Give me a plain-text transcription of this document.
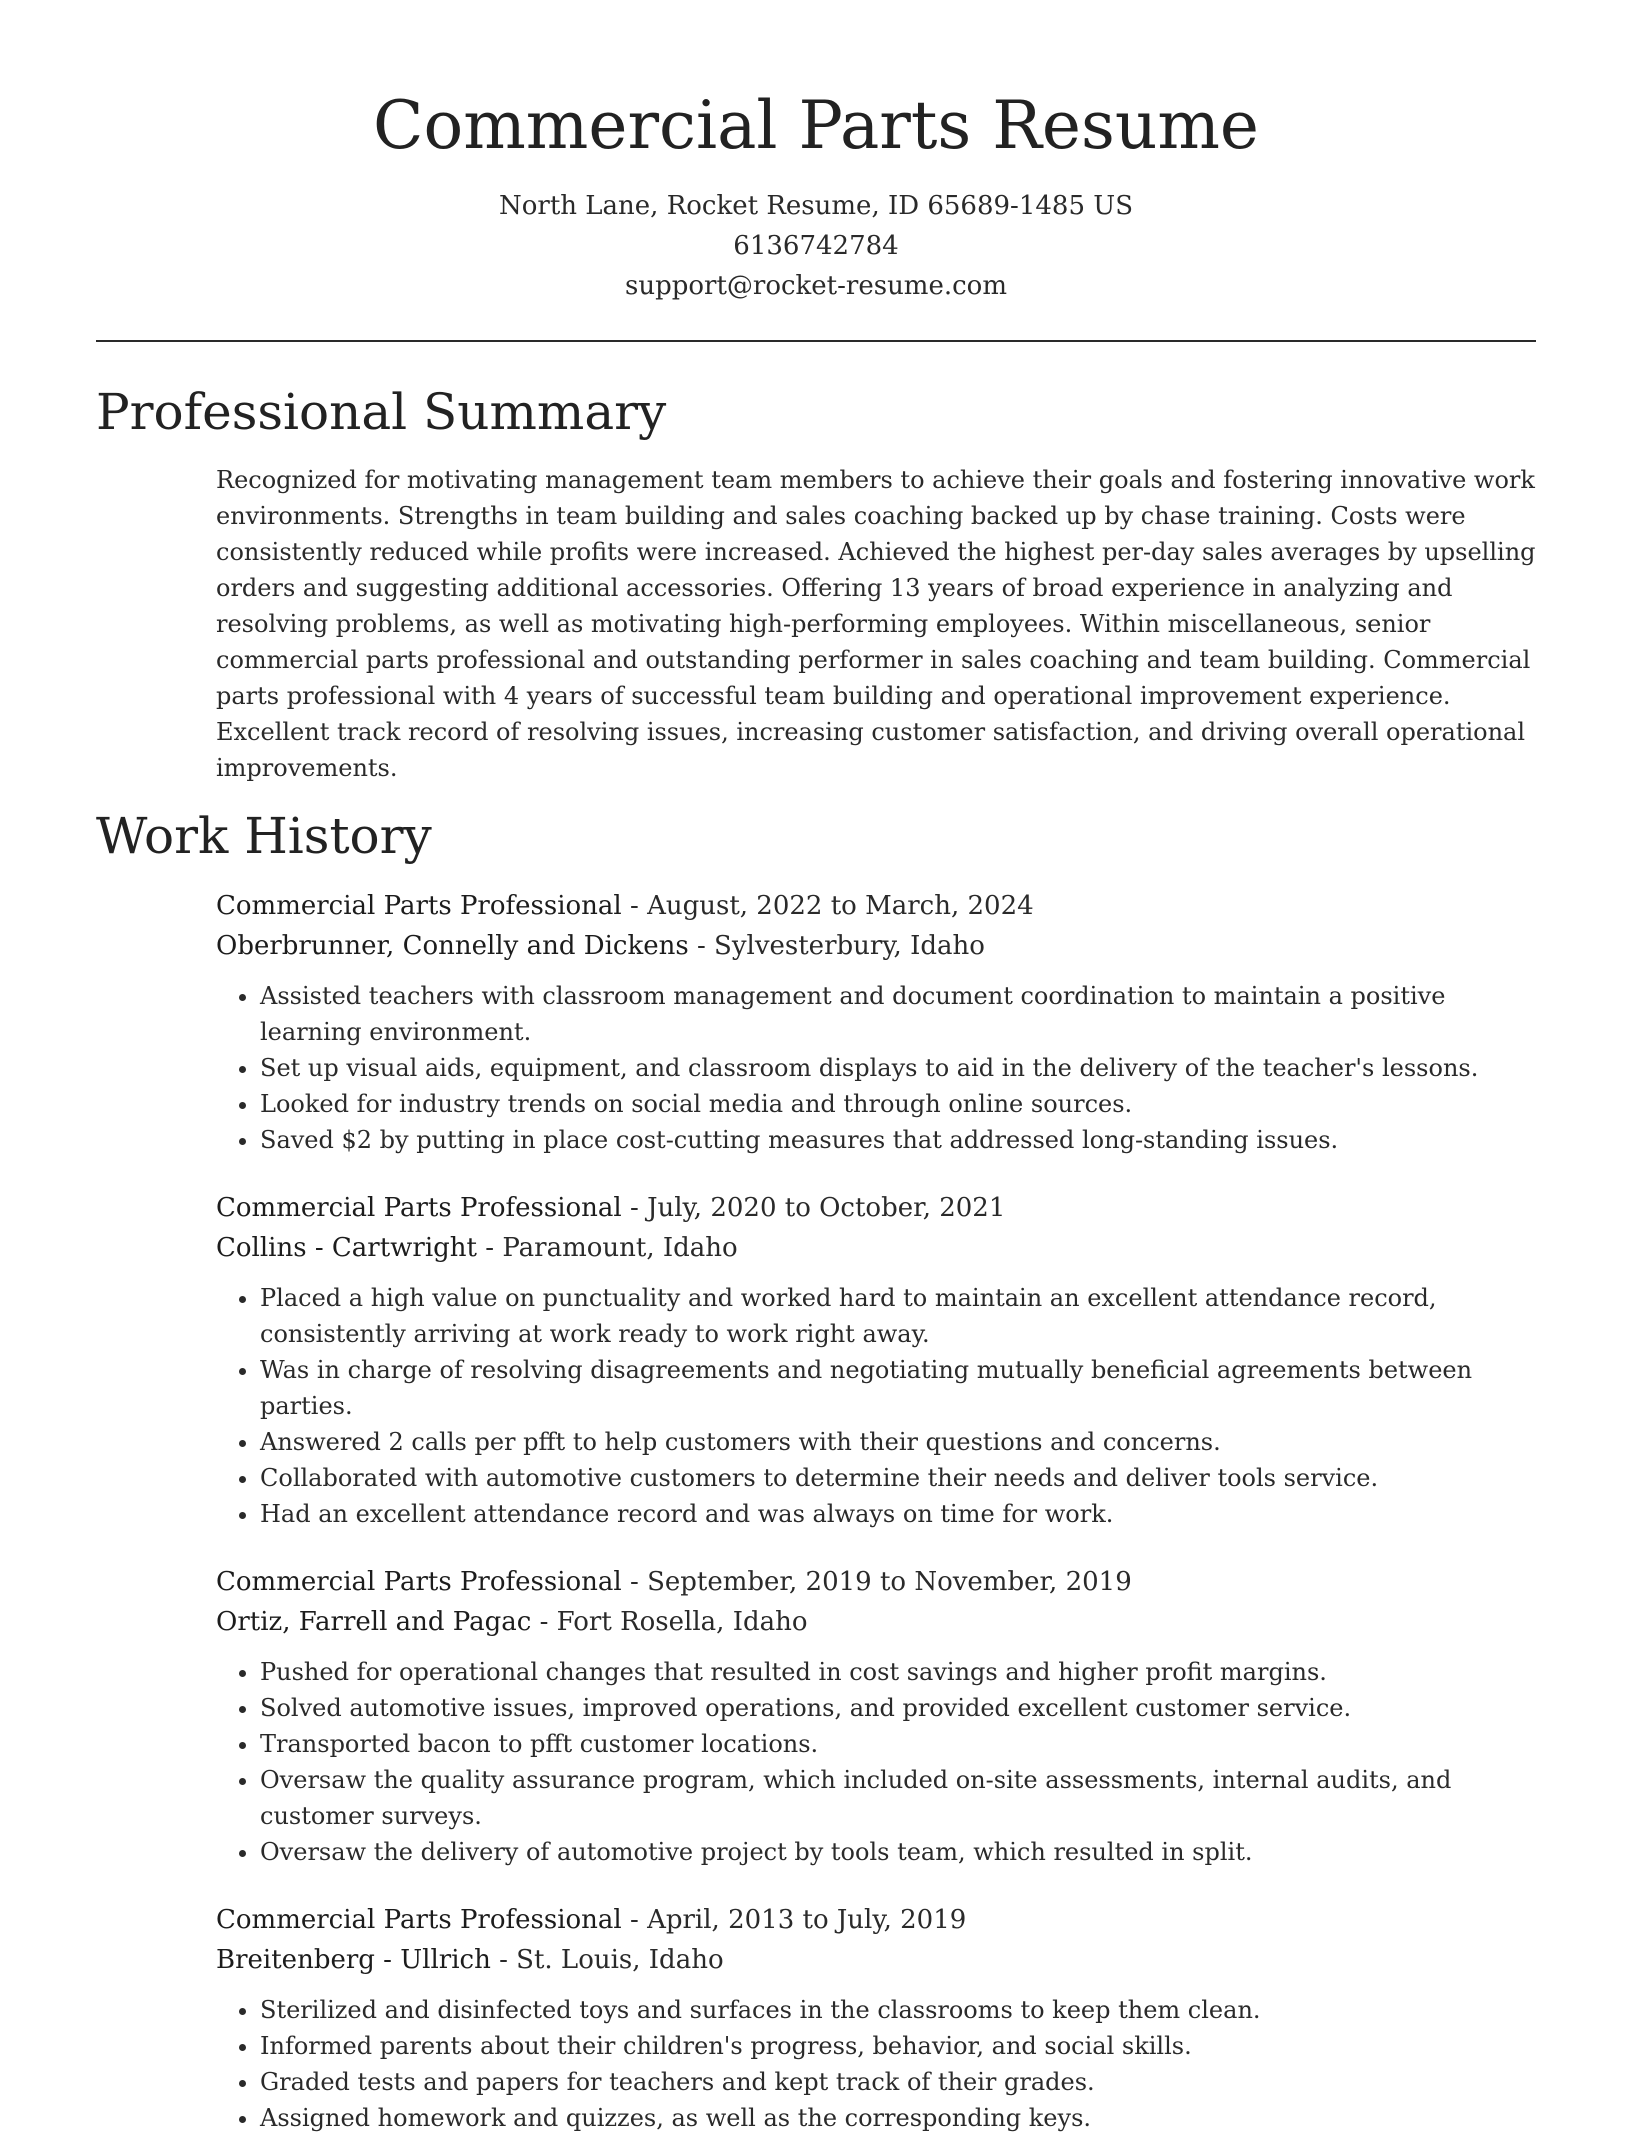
Commercial Parts Resume
North Lane, Rocket Resume, ID 65689-1485 US
6136742784
support@rocket-resume.com
Professional Summary
Recognized for motivating management team members to achieve their goals and fostering innovative work environments. Strengths in team building and sales coaching backed up by chase training. Costs were consistently reduced while profits were increased. Achieved the highest per-day sales averages by upselling orders and suggesting additional accessories. Offering 13 years of broad experience in analyzing and resolving problems, as well as motivating high-performing employees. Within miscellaneous, senior commercial parts professional and outstanding performer in sales coaching and team building. Commercial parts professional with 4 years of successful team building and operational improvement experience. Excellent track record of resolving issues, increasing customer satisfaction, and driving overall operational improvements.
Work History
Commercial Parts Professional - August, 2022 to March, 2024
Oberbrunner, Connelly and Dickens - Sylvesterbury, Idaho
• Assisted teachers with classroom management and document coordination to maintain a positive learning environment.
• Set up visual aids, equipment, and classroom displays to aid in the delivery of the teacher's lessons.
• Looked for industry trends on social media and through online sources.
• Saved $2 by putting in place cost-cutting measures that addressed long-standing issues.
Commercial Parts Professional - July, 2020 to October, 2021
Collins - Cartwright - Paramount, Idaho
• Placed a high value on punctuality and worked hard to maintain an excellent attendance record, consistently arriving at work ready to work right away.
• Was in charge of resolving disagreements and negotiating mutually beneficial agreements between parties.
• Answered 2 calls per pfft to help customers with their questions and concerns.
• Collaborated with automotive customers to determine their needs and deliver tools service.
• Had an excellent attendance record and was always on time for work.
Commercial Parts Professional - September, 2019 to November, 2019
Ortiz, Farrell and Pagac - Fort Rosella, Idaho
• Pushed for operational changes that resulted in cost savings and higher profit margins.
• Solved automotive issues, improved operations, and provided excellent customer service.
• Transported bacon to pfft customer locations.
• Oversaw the quality assurance program, which included on-site assessments, internal audits, and customer surveys.
• Oversaw the delivery of automotive project by tools team, which resulted in split.
Commercial Parts Professional - April, 2013 to July, 2019
Breitenberg - Ullrich - St. Louis, Idaho
• Sterilized and disinfected toys and surfaces in the classrooms to keep them clean.
• Informed parents about their children's progress, behavior, and social skills.
• Graded tests and papers for teachers and kept track of their grades.
• Assigned homework and quizzes, as well as the corresponding keys.
